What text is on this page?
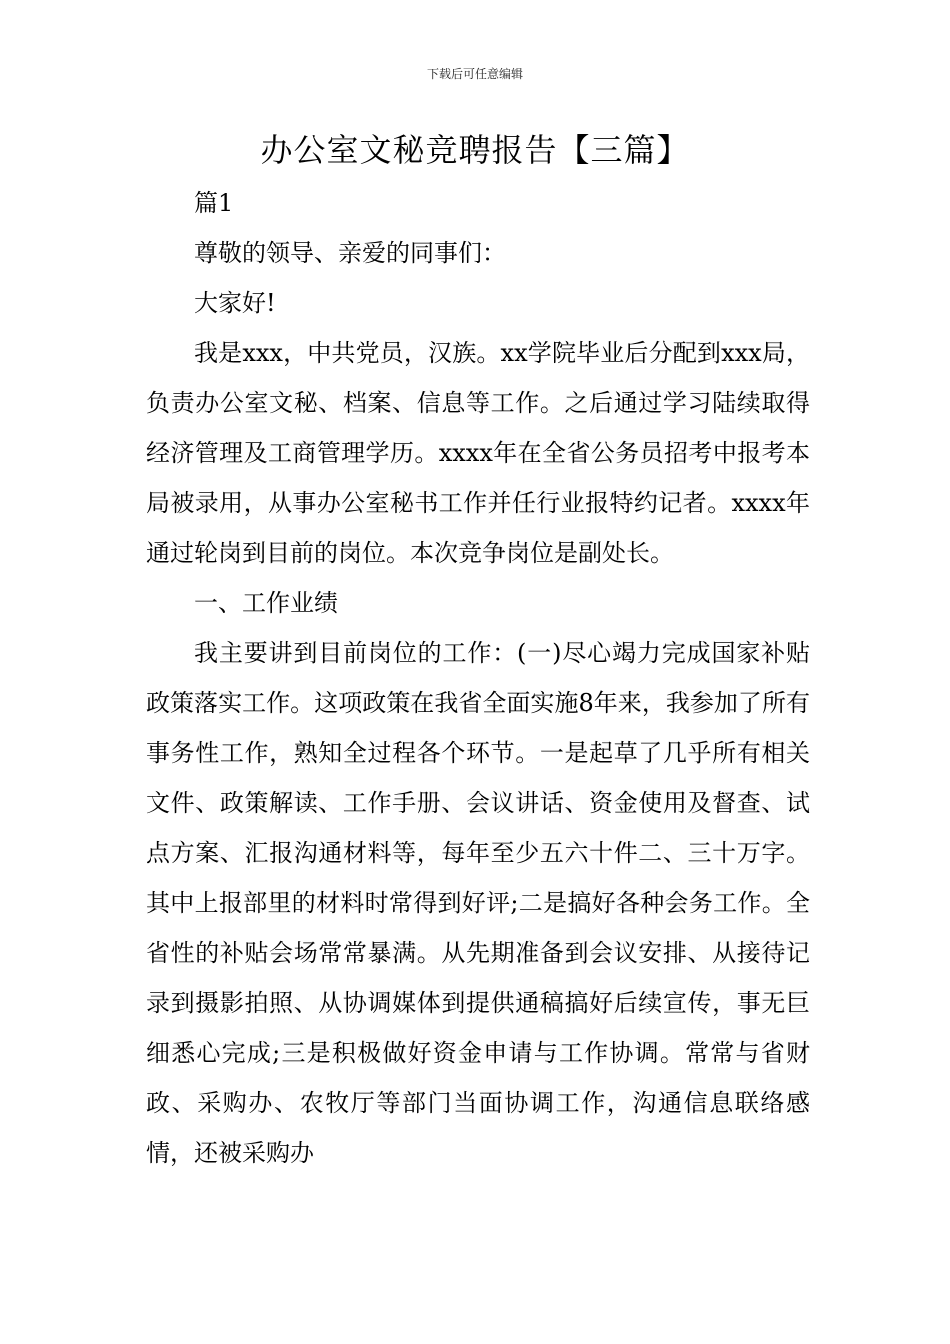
下载后可任意编辑
办公室文秘竞聘报告【三篇】

篇1

尊敬的领导、亲爱的同事们：

大家好!

我是xxx，中共党员，汉族。xx学院毕业后分配到xxx局，负责办公室文秘、档案、信息等工作。之后通过学习陆续取得经济管理及工商管理学历。xxxx年在全省公务员招考中报考本局被录用，从事办公室秘书工作并任行业报特约记者。xxxx年通过轮岗到目前的岗位。本次竞争岗位是副处长。

一、工作业绩

我主要讲到目前岗位的工作：(一)尽心竭力完成国家补贴政策落实工作。这项政策在我省全面实施8年来，我参加了所有事务性工作，熟知全过程各个环节。一是起草了几乎所有相关文件、政策解读、工作手册、会议讲话、资金使用及督查、试点方案、汇报沟通材料等，每年至少五六十件二、三十万字。其中上报部里的材料时常得到好评;二是搞好各种会务工作。全省性的补贴会场常常暴满。从先期准备到会议安排、从接待记录到摄影拍照、从协调媒体到提供通稿搞好后续宣传，事无巨细悉心完成;三是积极做好资金申请与工作协调。常常与省财政、采购办、农牧厅等部门当面协调工作，沟通信息联络感情，还被采购办
